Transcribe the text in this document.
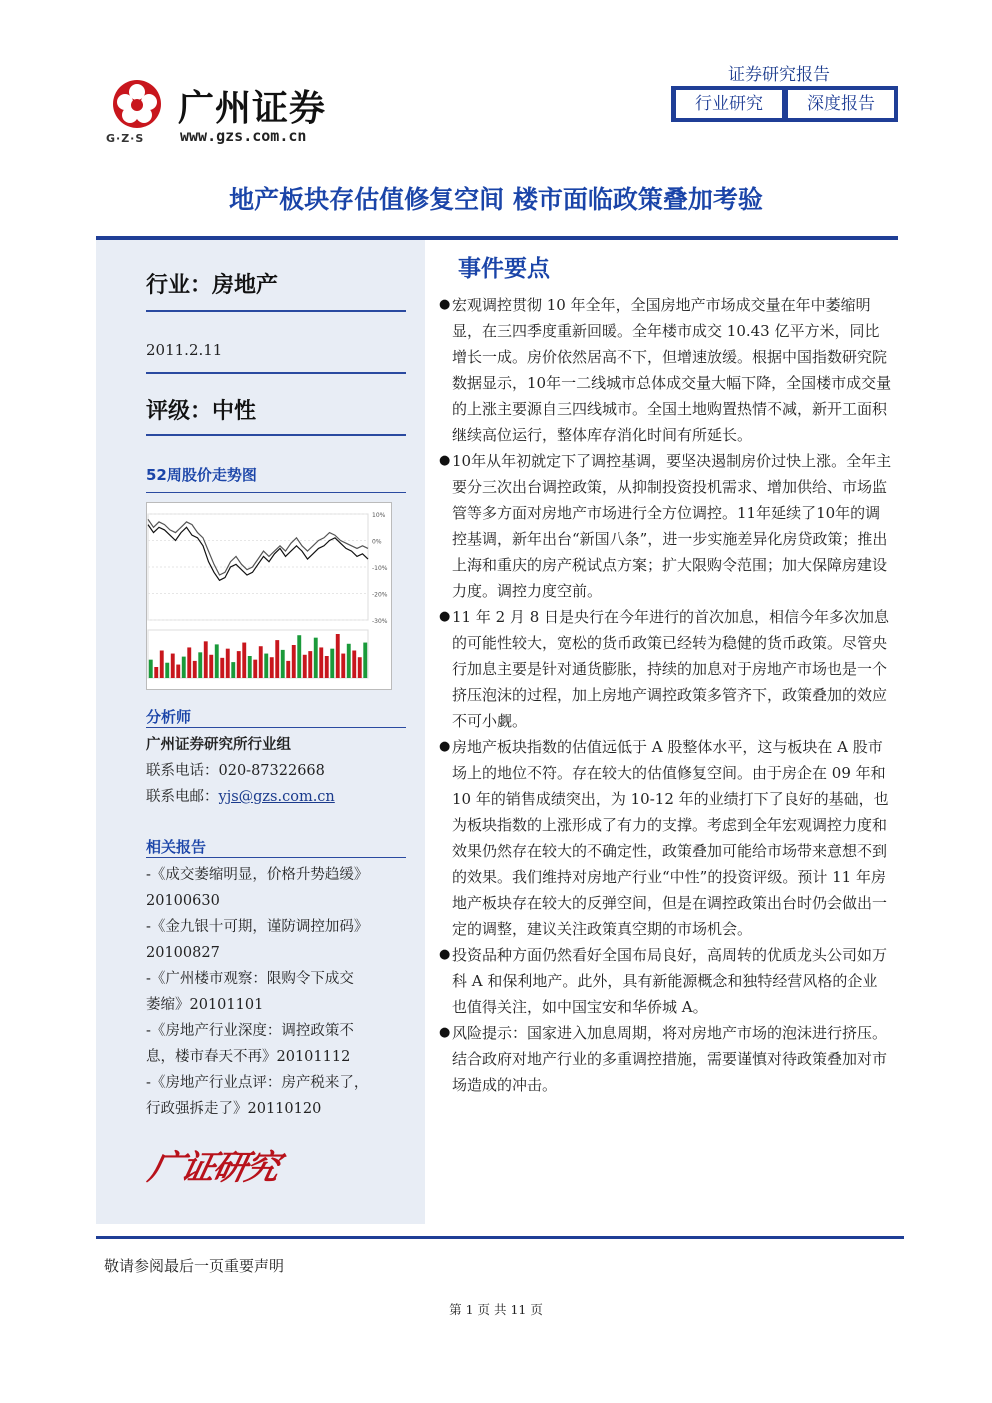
广州证券
G·Z·S www.gzs.com.cn
证券研究报告
行业研究	深度报告
地产板块存估值修复空间 楼市面临政策叠加考验
行业：房地产
2011.2.11
评级：中性
52周股价走势图
10%
0%
-10%
-20%
-30%
分析师
广州证券研究所行业组
联系电话：020-87322668
联系电邮：yjs@gzs.com.cn
相关报告
-《成交萎缩明显，价格升势趋缓》
20100630
-《金九银十可期，谨防调控加码》
20100827
-《广州楼市观察：限购令下成交
萎缩》20101101
-《房地产行业深度：调控政策不
息，楼市春天不再》20101112
-《房地产行业点评：房产税来了，
行政强拆走了》20110120
广证研究
事件要点
● 宏观调控贯彻 10 年全年，全国房地产市场成交量在年中萎缩明显，在三四季度重新回暖。全年楼市成交 10.43 亿平方米，同比增长一成。房价依然居高不下，但增速放缓。根据中国指数研究院数据显示，10年一二线城市总体成交量大幅下降，全国楼市成交量的上涨主要源自三四线城市。全国土地购置热情不减，新开工面积继续高位运行，整体库存消化时间有所延长。
● 10年从年初就定下了调控基调，要坚决遏制房价过快上涨。全年主要分三次出台调控政策，从抑制投资投机需求、增加供给、市场监管等多方面对房地产市场进行全方位调控。11年延续了10年的调控基调，新年出台“新国八条”，进一步实施差异化房贷政策；推出上海和重庆的房产税试点方案；扩大限购令范围；加大保障房建设力度。调控力度空前。
● 11 年 2 月 8 日是央行在今年进行的首次加息，相信今年多次加息的可能性较大，宽松的货币政策已经转为稳健的货币政策。尽管央行加息主要是针对通货膨胀，持续的加息对于房地产市场也是一个挤压泡沫的过程，加上房地产调控政策多管齐下，政策叠加的效应不可小觑。
● 房地产板块指数的估值远低于 A 股整体水平，这与板块在 A 股市场上的地位不符。存在较大的估值修复空间。由于房企在 09 年和 10 年的销售成绩突出，为 10-12 年的业绩打下了良好的基础，也为板块指数的上涨形成了有力的支撑。考虑到全年宏观调控力度和效果仍然存在较大的不确定性，政策叠加可能给市场带来意想不到的效果。我们维持对房地产行业“中性”的投资评级。预计 11 年房地产板块存在较大的反弹空间，但是在调控政策出台时仍会做出一定的调整，建议关注政策真空期的市场机会。
● 投资品种方面仍然看好全国布局良好，高周转的优质龙头公司如万科 A 和保利地产。此外，具有新能源概念和独特经营风格的企业也值得关注，如中国宝安和华侨城 A。
● 风险提示：国家进入加息周期，将对房地产市场的泡沫进行挤压。结合政府对地产行业的多重调控措施，需要谨慎对待政策叠加对市场造成的冲击。
敬请参阅最后一页重要声明
第 1 页 共 11 页
